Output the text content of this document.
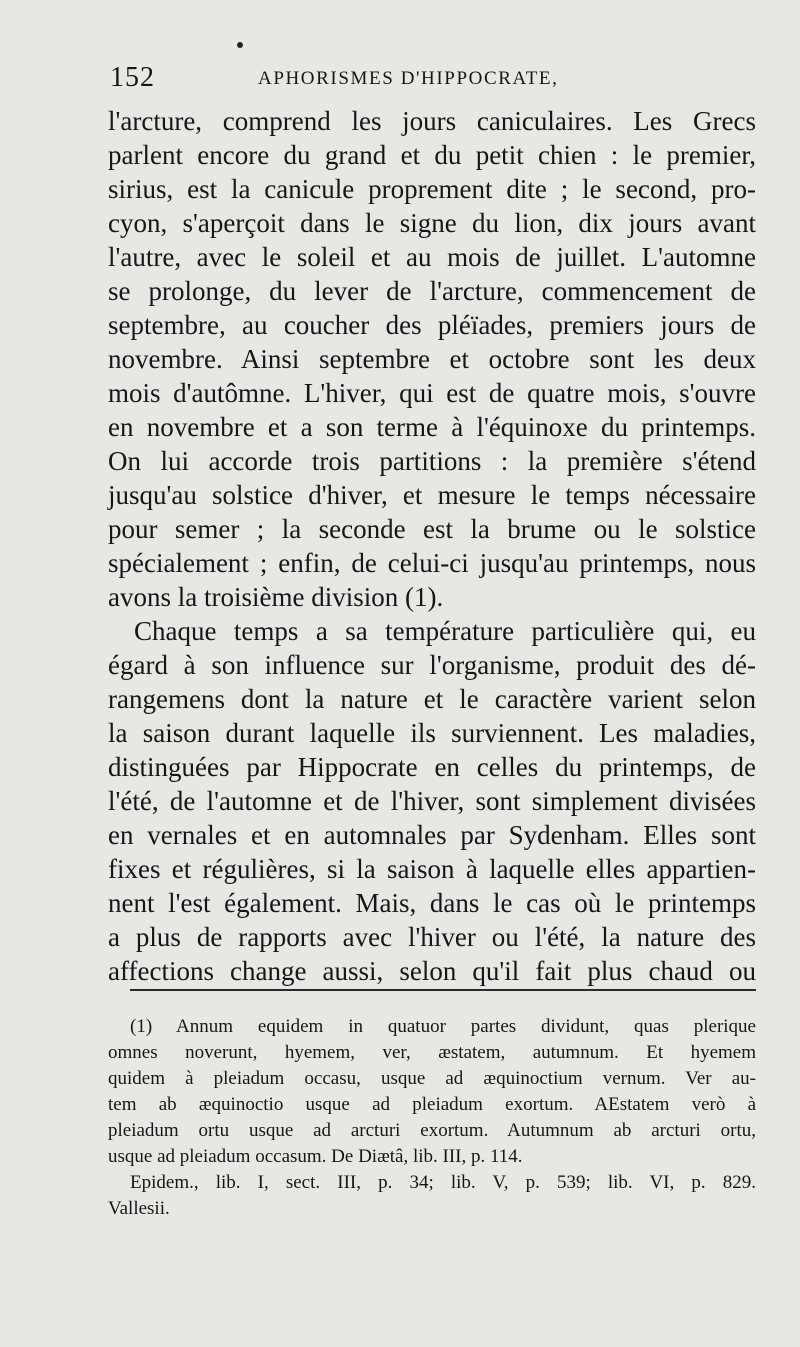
152	APHORISMES D'HIPPOCRATE,
l'arcture, comprend les jours caniculaires. Les Grecs
parlent encore du grand et du petit chien : le premier,
sirius, est la canicule proprement dite ; le second, pro-
cyon, s'aperçoit dans le signe du lion, dix jours avant
l'autre, avec le soleil et au mois de juillet. L'automne
se prolonge, du lever de l'arcture, commencement de
septembre, au coucher des pléïades, premiers jours de
novembre. Ainsi septembre et octobre sont les deux
mois d'autômne. L'hiver, qui est de quatre mois, s'ouvre
en novembre et a son terme à l'équinoxe du printemps.
On lui accorde trois partitions : la première s'étend
jusqu'au solstice d'hiver, et mesure le temps nécessaire
pour semer ; la seconde est la brume ou le solstice
spécialement ; enfin, de celui-ci jusqu'au printemps, nous
avons la troisième division (1).
Chaque temps a sa température particulière qui, eu
égard à son influence sur l'organisme, produit des dé-
rangemens dont la nature et le caractère varient selon
la saison durant laquelle ils surviennent. Les maladies,
distinguées par Hippocrate en celles du printemps, de
l'été, de l'automne et de l'hiver, sont simplement divisées
en vernales et en automnales par Sydenham. Elles sont
fixes et régulières, si la saison à laquelle elles appartien-
nent l'est également. Mais, dans le cas où le printemps
a plus de rapports avec l'hiver ou l'été, la nature des
affections change aussi, selon qu'il fait plus chaud ou
(1) Annum equidem in quatuor partes dividunt, quas plerique
omnes noverunt, hyemem, ver, æstatem, autumnum. Et hyemem
quidem à pleiadum occasu, usque ad æquinoctium vernum. Ver au-
tem ab æquinoctio usque ad pleiadum exortum. AEstatem verò à
pleiadum ortu usque ad arcturi exortum. Autumnum ab arcturi ortu,
usque ad pleiadum occasum. De Diætâ, lib. III, p. 114.
Epidem., lib. I, sect. III, p. 34; lib. V, p. 539; lib. VI, p. 829.
Vallesii.
